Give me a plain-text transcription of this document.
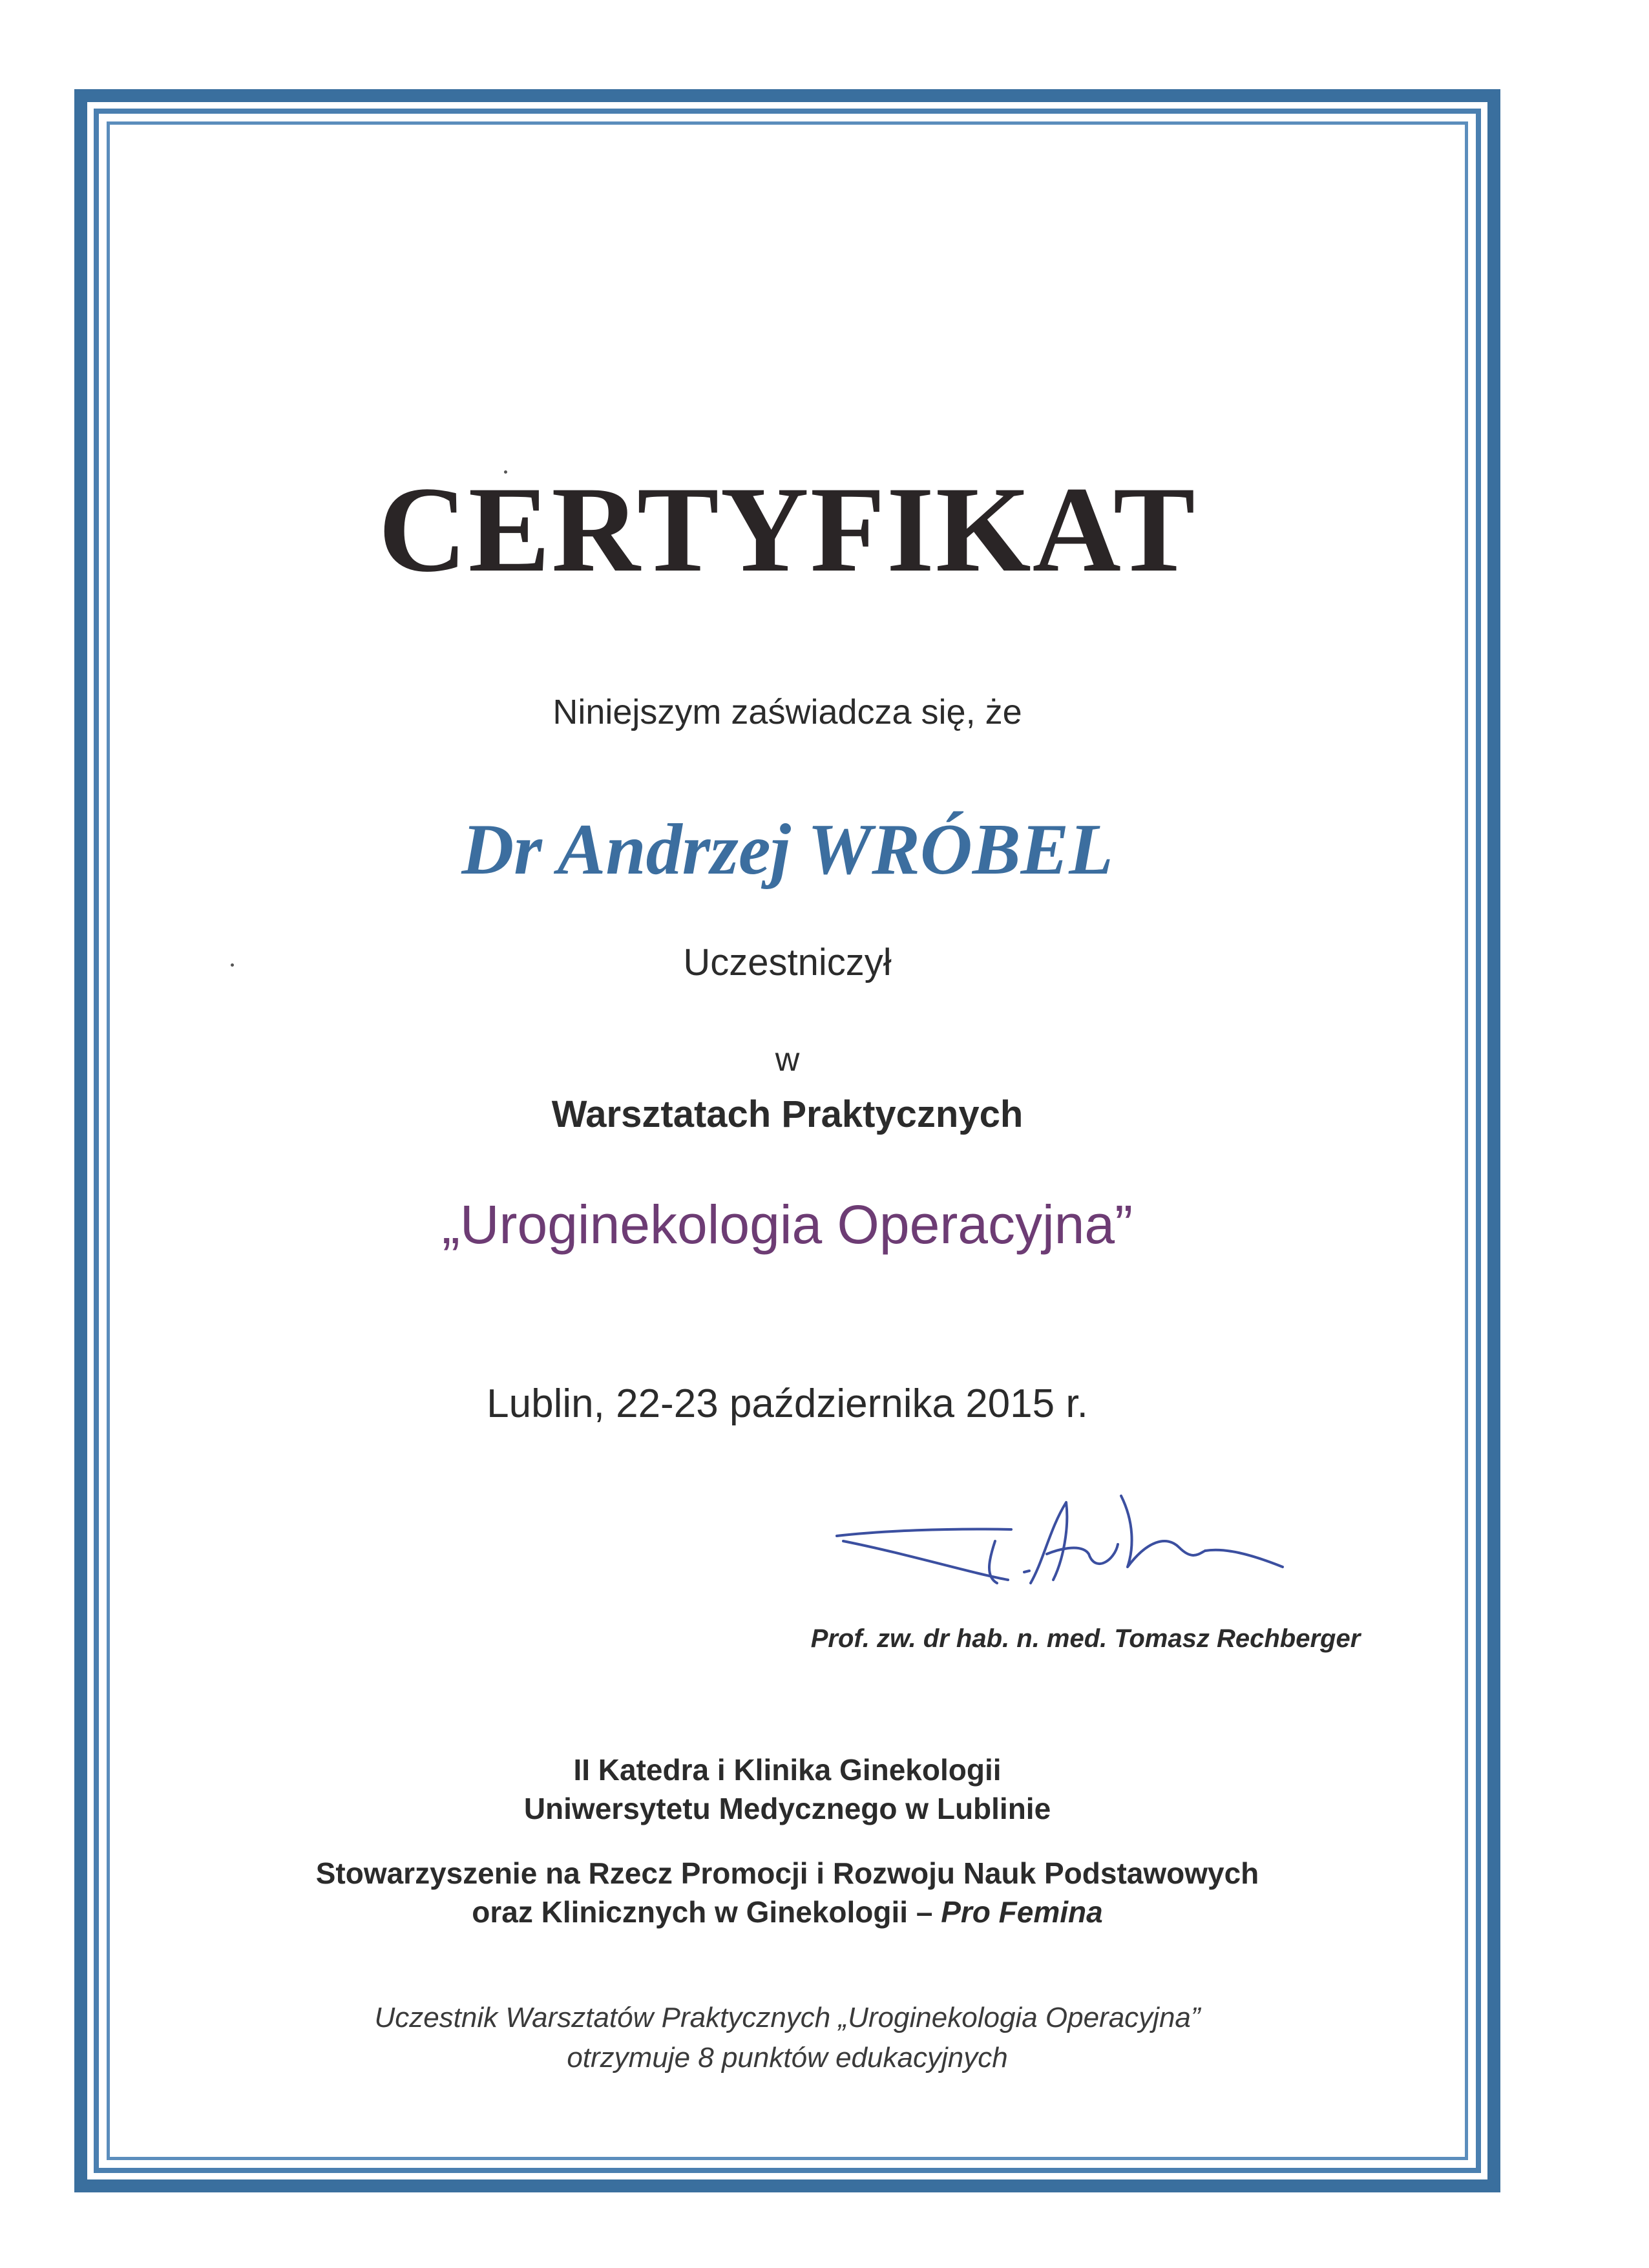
CERTYFIKAT

Niniejszym zaświadcza się, że

Dr Andrzej WRÓBEL

Uczestniczył

w

Warsztatach Praktycznych

„Uroginekologia Operacyjna”

Lublin, 22-23 października 2015 r.

Prof. zw. dr hab. n. med. Tomasz Rechberger

II Katedra i Klinika Ginekologii

Uniwersytetu Medycznego w Lublinie

Stowarzyszenie na Rzecz Promocji i Rozwoju Nauk Podstawowych

oraz Klinicznych w Ginekologii – Pro Femina

Uczestnik Warsztatów Praktycznych „Uroginekologia Operacyjna”

otrzymuje 8 punktów edukacyjnych
